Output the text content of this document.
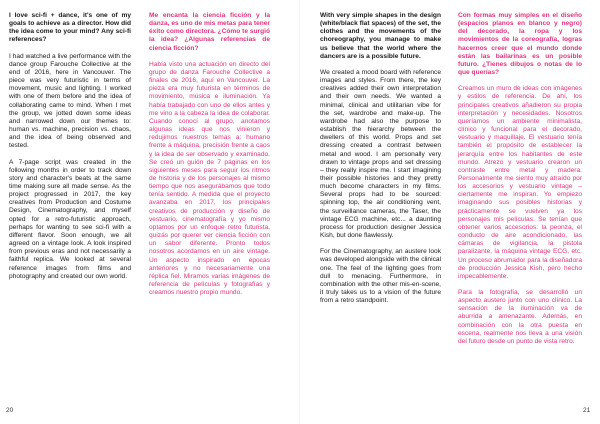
I love sci-fi + dance, it's one of my goals to achieve as a director. How did the idea come to your mind? Any sci-fi references?

I had watched a live performance with the dance group Farouche Collective at the end of 2016, here in Vancouver. The piece was very futuristic in terms of movement, music and lighting. I worked with one of them before and the idea of collaborating came to mind. When I met the group, we jotted down some ideas and narrowed down our themes to: human vs. machine, precision vs. chaos, and the idea of being observed and tested.

A 7-page script was created in the following months in order to track down story and character's beats at the same time making sure all made sense. As the project progressed in 2017, the key creatives from Production and Costume Design, Cinematography, and myself opted for a retro-futuristic approach, perhaps for wanting to see sci-fi with a different flavor. Soon enough, we all agreed on a vintage look. A look inspired from previous eras and not necessarily a faithful replica. We looked at several reference images from films and photography and created our own world.

Me encanta la ciencia ficción y la danza, es uno de mis metas para tener éxito como directora. ¿Cómo te surgió la idea? ¿Algunas referencias de ciencia ficción?

Había visto una actuación en directo del grupo de danza Farouche Collective a finales de 2016, aquí en Vancouver. La pieza era muy futurista en términos de movimiento, música e iluminación. Ya había trabajado con uno de ellos antes y me vino a la cabeza la idea de colaborar. Cuando conocí al grupo, anotamos algunas ideas que nos vinieron y redujimos nuestros temas a: humano frente a máquina, precisión frente a caos y la idea de ser observado y examinado. Se creó un guión de 7 páginas en los siguientes meses para seguir los ritmos de historia y de los personajes al mismo tiempo que nos asegurábamos que todo tenía sentido. A medida que el proyecto avanzaba en 2017, los principales creativos de producción y diseño de vestuario, cinematografía y yo mismo optamos por un enfoque retro futurista, quizás por querer ver ciencia ficción con un sabor diferente. Pronto todos nosotros acordamos en un aire vintage. Un aspecto inspirado en épocas anteriores y no necesariamente una réplica fiel. Miramos varias imágenes de referencia de películas y fotografías y creamos nuestro propio mundo.

With very simple shapes in the design (white/black flat spaces) of the set, the clothes and the movements of the choreography, you manage to make us believe that the world where the dancers are is a possible future.

We created a mood board with reference images and styles. From there, the key creatives added their own interpretation and their own needs. We wanted a minimal, clinical and utilitarian vibe for the set, wardrobe and make-up. The wardrobe had also the purpose to establish the hierarchy between the dwellers of this world. Props and set dressing created a contrast between metal and wood. I am personally very drawn to vintage props and set dressing – they really inspire me. I start imagining their possible histories and they pretty much become characters in my films. Several props had to be sourced: spinning top, the air conditioning vent, the surveillance cameras, the Taser, the vintage ECG machine, etc... a daunting process for production designer Jessica Kish, but done flawlessly.

For the Cinematography, an austere look was developed alongside with the clinical one. The feel of the lighting goes from dull to menacing. Furthermore, in combination with the other mis-en-scene, it truly takes us to a vision of the future from a retro standpoint.

Con formas muy simples en el diseño (espacios planos en blanco y negro) del decorado, la ropa y los movimientos de la coreografía, logras hacernos creer que el mundo donde están las bailarinas es un posible futuro. ¿Tienes dibujos o notas de lo que querías?

Creamos un muro de ideas con imágenes y estilos de referencia. De ahí, los principales creativos añadieron su propia interpretación y necesidades. Nosotros queríamos un ambiente minimalista, clínico y funcional para el decorado, vestuario y maquillaje. El vestuario tenía también el propósito de establecer la jerarquía entre los habitantes de este mundo. Atrezo y vestuario crearon un contraste entre metal y madera. Personalmente me siento muy atraído por los accesorios y vestuario vintage – ciertamente me inspiran. Yo empiezo imaginando sus posibles historias y prácticamente se vuelven ya los personajes mis películas. Se tenían que obtener varios accesorios: la peonza, el conducto de aire acondicionado, las cámaras de vigilancia, la pistola paralizante, la máquina vintage ECG, etc. Un proceso abrumador para la diseñadora de producción Jessica Kish, pero hecho impecablemente.

Para la fotografía, se desarrolló un aspecto austero junto con uno clínico. La sensación de la iluminación va de aburrida a amenazante. Además, en combinación con la otra puesta en escena, realmente nos lleva a una visión del futuro desde un punto de vista retro.

20	21
